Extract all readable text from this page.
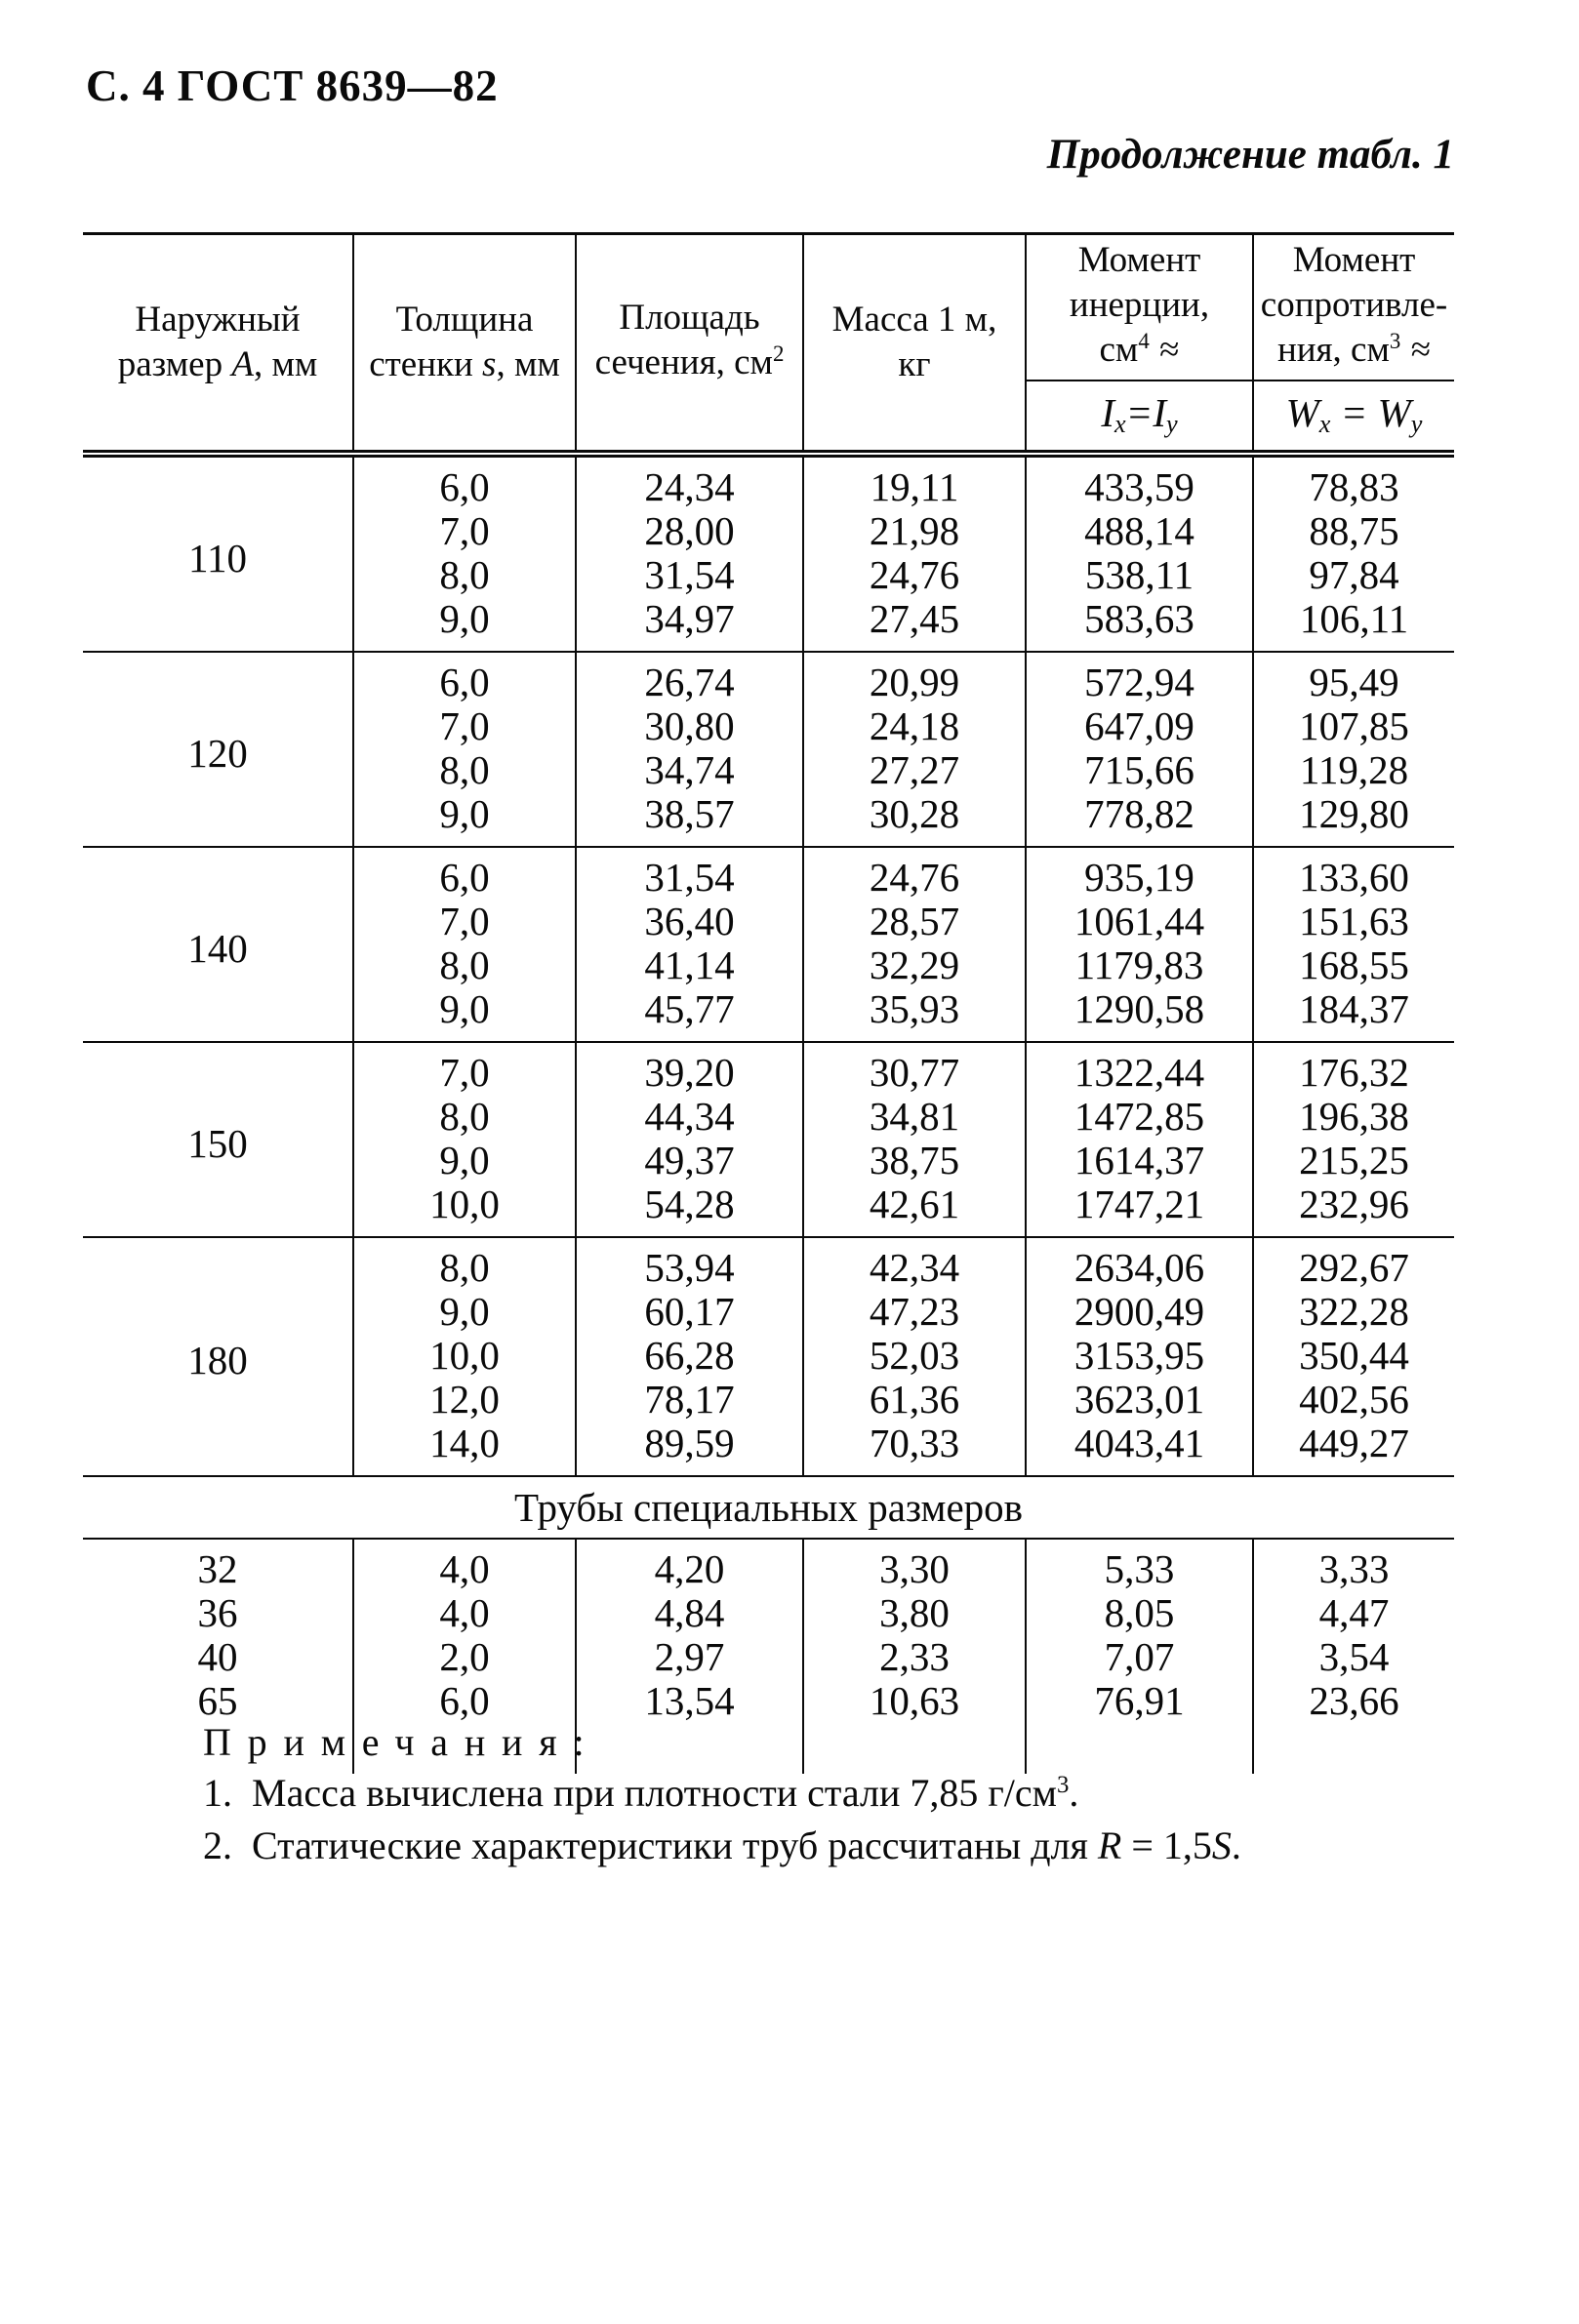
С. 4 ГОСТ 8639—82
Продолжение табл. 1
Наружный
размер A, мм

Толщина
стенки s, мм

Площадь
сечения, $см^2$

Масса 1 м,
кг

Момент
инерции,
$см^4$ ≈

Момент
сопротивле-
ния, $см^3$ ≈

				$I_x=I_y$	$W_x = W_y$
110	6,0	24,34	19,11	433,59	78,83
	7,0	28,00	21,98	488,14	88,75
	8,0	31,54	24,76	538,11	97,84
	9,0	34,97	27,45	583,63	106,11
120	6,0	26,74	20,99	572,94	95,49
	7,0	30,80	24,18	647,09	107,85
	8,0	34,74	27,27	715,66	119,28
	9,0	38,57	30,28	778,82	129,80
140	6,0	31,54	24,76	935,19	133,60
	7,0	36,40	28,57	1061,44	151,63
	8,0	41,14	32,29	1179,83	168,55
	9,0	45,77	35,93	1290,58	184,37
150	7,0	39,20	30,77	1322,44	176,32
	8,0	44,34	34,81	1472,85	196,38
	9,0	49,37	38,75	1614,37	215,25
	10,0	54,28	42,61	1747,21	232,96
180	8,0	53,94	42,34	2634,06	292,67
	9,0	60,17	47,23	2900,49	322,28
	10,0	66,28	52,03	3153,95	350,44
	12,0	78,17	61,36	3623,01	402,56
	14,0	89,59	70,33	4043,41	449,27
Трубы специальных размеров					
32	4,0	4,20	3,30	5,33	3,33
36	4,0	4,84	3,80	8,05	4,47
40	2,0	2,97	2,33	7,07	3,54
65	6,0	13,54	10,63	76,91	23,66
Примечания:
1. Масса вычислена при плотности стали 7,85 $г/см^3$.
2. Статические характеристики труб рассчитаны для R = 1,5S.
